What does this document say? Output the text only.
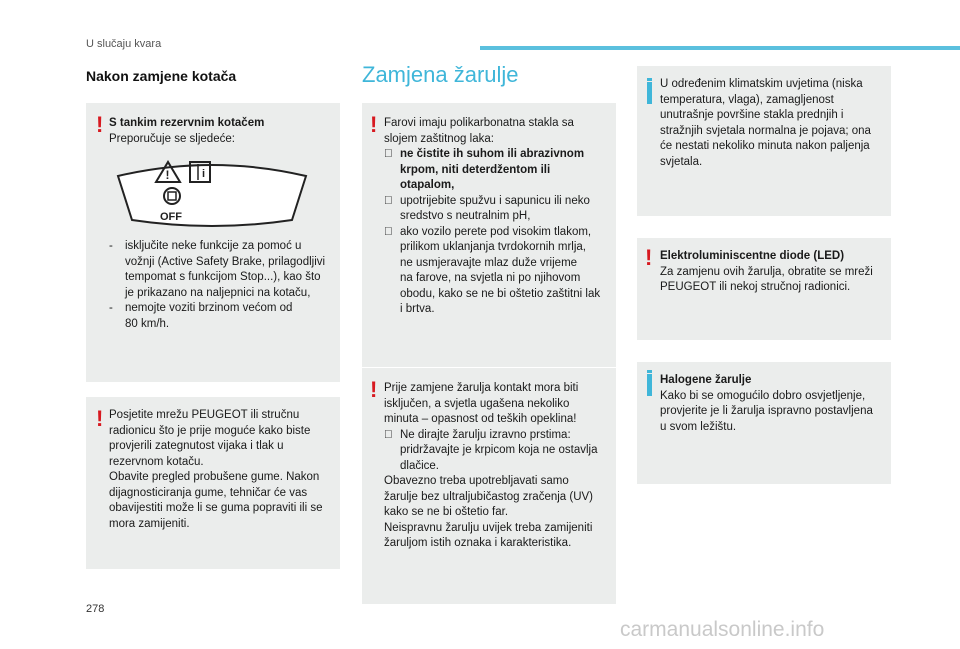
U slučaju kvara
Nakon zamjene kotača
! S tankim rezervnim kotačem
Preporučuje se sljedeće:
!	i
OFF
- isključite neke funkcije za pomoć u
vožnji (Active Safety Brake, prilagodljivi
tempomat s funkcijom Stop...), kao što
je prikazano na naljepnici na kotaču,
- nemojte voziti brzinom većom od
80 km/h.
! Posjetite mrežu PEUGEOT ili stručnu
radionicu što je prije moguće kako biste
provjerili zategnutost vijaka i tlak u
rezervnom kotaču.
Obavite pregled probušene gume. Nakon
dijagnosticiranja gume, tehničar će vas
obavijestiti može li se guma popraviti ili se
mora zamijeniti.
Zamjena žarulje
! Farovi imaju polikarbonatna stakla sa
slojem zaštitnog laka:
ne čistite ih suhom ili abrazivnom
krpom, niti deterdžentom ili
otapalom,
upotrijebite spužvu i sapunicu ili neko
sredstvo s neutralnim pH,
ako vozilo perete pod visokim tlakom,
prilikom uklanjanja tvrdokornih mrlja,
ne usmjeravajte mlaz duže vrijeme
na farove, na svjetla ni po njihovom
obodu, kako se ne bi oštetio zaštitni lak
i brtva.
! Prije zamjene žarulja kontakt mora biti
isključen, a svjetla ugašena nekoliko
minuta – opasnost od teških opeklina!
Ne dirajte žarulju izravno prstima:
pridržavajte je krpicom koja ne ostavlja
dlačice.
Obavezno treba upotrebljavati samo
žarulje bez ultraljubičastog zračenja (UV)
kako se ne bi oštetio far.
Neispravnu žarulju uvijek treba zamijeniti
žaruljom istih oznaka i karakteristika.
U određenim klimatskim uvjetima (niska
temperatura, vlaga), zamagljenost
unutrašnje površine stakla prednjih i
stražnjih svjetala normalna je pojava; ona
će nestati nekoliko minuta nakon paljenja
svjetala.
! Elektroluminiscentne diode (LED)
Za zamjenu ovih žarulja, obratite se mreži
PEUGEOT ili nekoj stručnoj radionici.
Halogene žarulje
Kako bi se omogućilo dobro osvjetljenje,
provjerite je li žarulja ispravno postavljena
u svom ležištu.
278
carmanualsonline.info
